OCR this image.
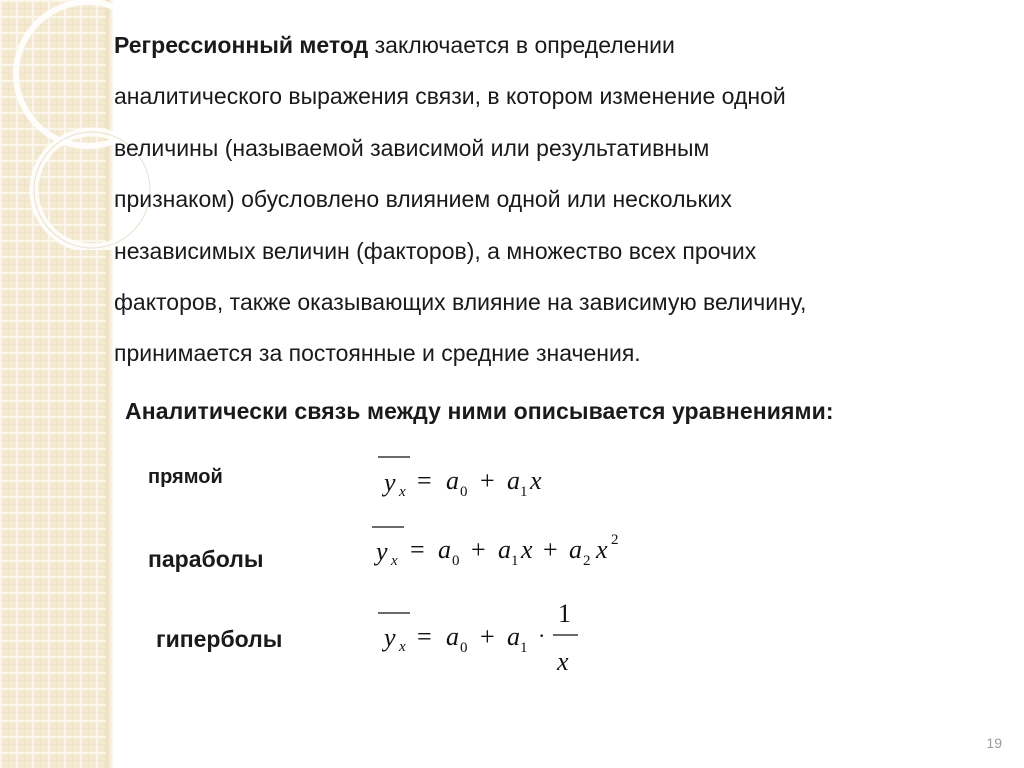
Регрессионный метод заключается в определении
аналитического выражения связи, в котором изменение одной
величины (называемой зависимой или результативным
признаком) обусловлено влиянием одной или нескольких
независимых величин (факторов), а множество всех прочих
факторов, также оказывающих влияние на зависимую величину,
принимается за постоянные и средние значения.

Аналитически связь между ними описывается уравнениями:

прямой
параболы
гиперболы
y x = a 0 + a 1 x
y x = a 0 + a 1 x + a 2 x 2
y x = a 0 + a 1 ·
1
x
19
